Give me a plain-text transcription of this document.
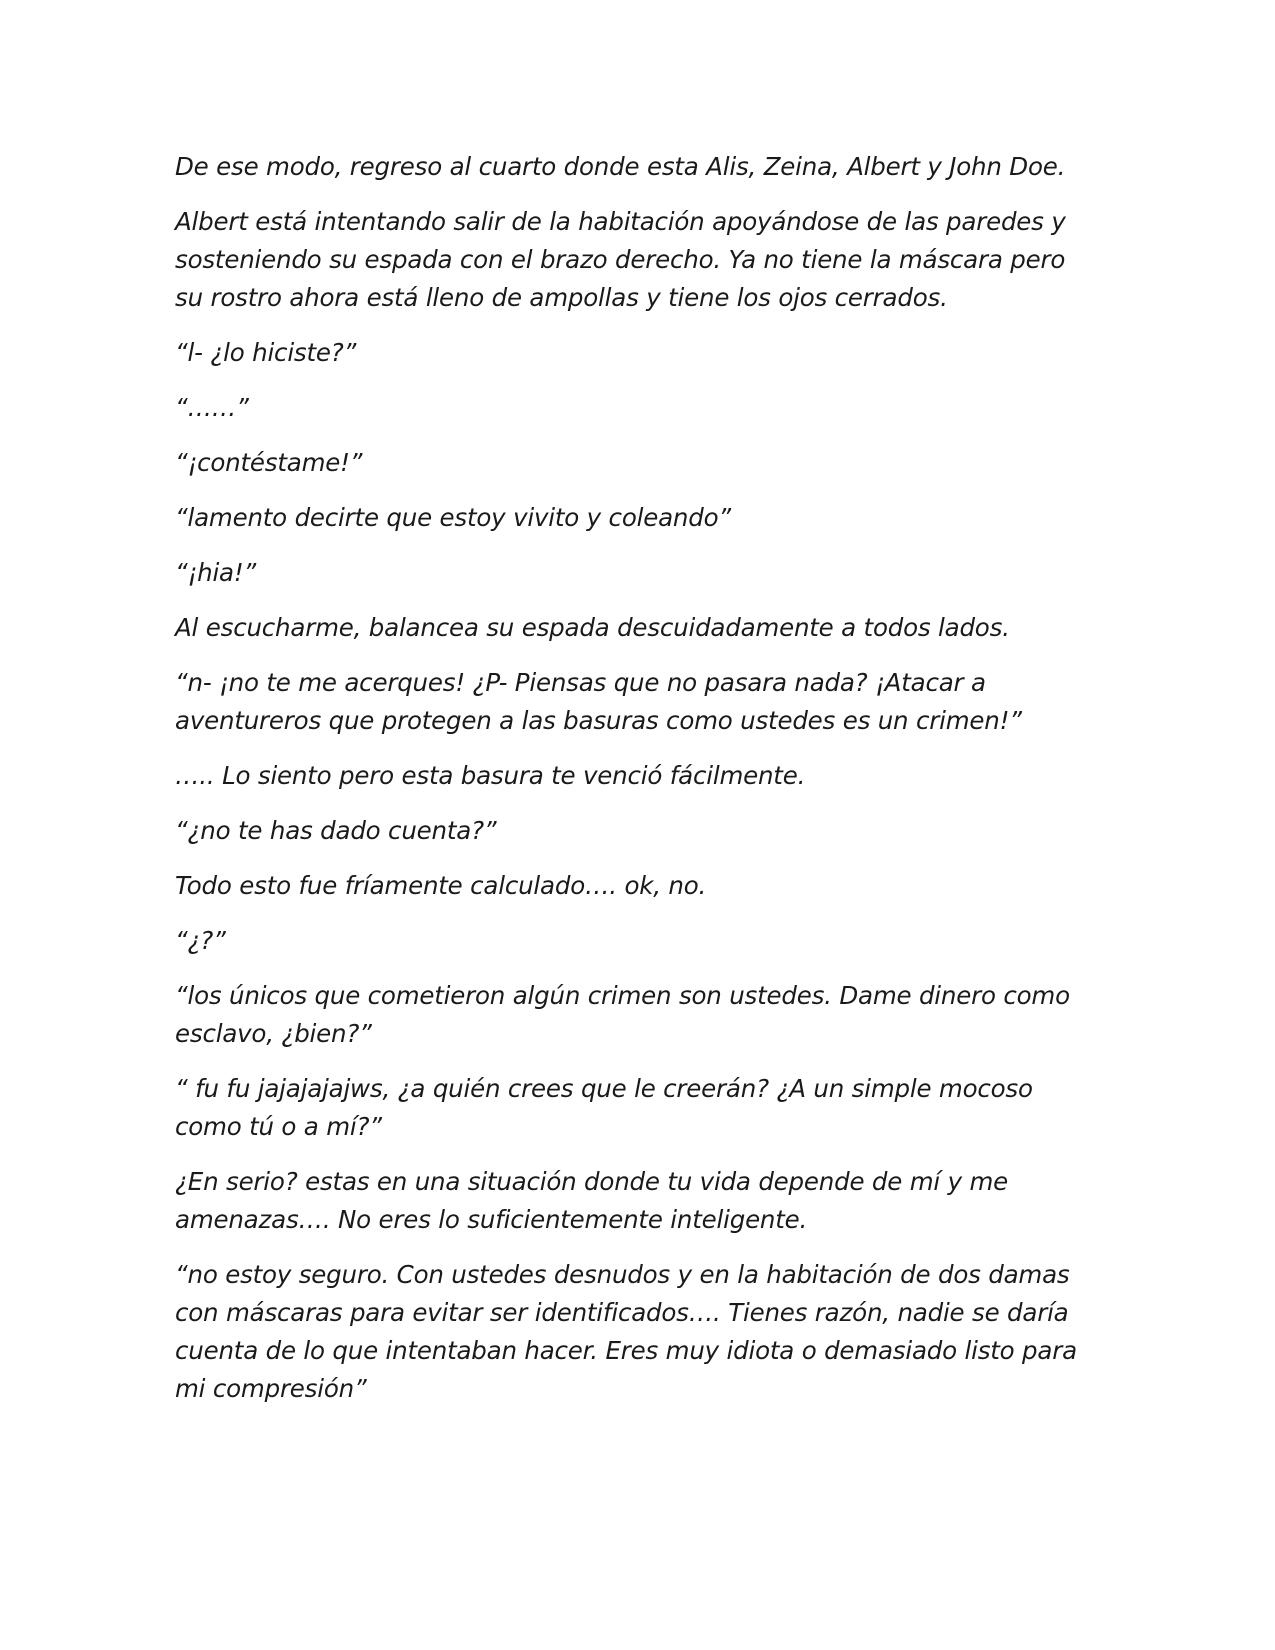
De ese modo, regreso al cuarto donde esta Alis, Zeina, Albert y John Doe.

Albert está intentando salir de la habitación apoyándose de las paredes y sosteniendo su espada con el brazo derecho. Ya no tiene la máscara pero su rostro ahora está lleno de ampollas y tiene los ojos cerrados.

“l- ¿lo hiciste?”

“……”

“¡contéstame!”

“lamento decirte que estoy vivito y coleando”

“¡hia!”

Al escucharme, balancea su espada descuidadamente a todos lados.

“n- ¡no te me acerques! ¿P- Piensas que no pasara nada? ¡Atacar a aventureros que protegen a las basuras como ustedes es un crimen!”

….. Lo siento pero esta basura te venció fácilmente.

“¿no te has dado cuenta?”

Todo esto fue fríamente calculado…. ok, no.

“¿?”

“los únicos que cometieron algún crimen son ustedes. Dame dinero como esclavo, ¿bien?”

“ fu fu jajajajajws, ¿a quién crees que le creerán? ¿A un simple mocoso como tú o a mí?”

¿En serio? estas en una situación donde tu vida depende de mí y me amenazas…. No eres lo suficientemente inteligente.

“no estoy seguro. Con ustedes desnudos y en la habitación de dos damas con máscaras para evitar ser identificados…. Tienes razón, nadie se daría cuenta de lo que intentaban hacer. Eres muy idiota o demasiado listo para mi compresión”
